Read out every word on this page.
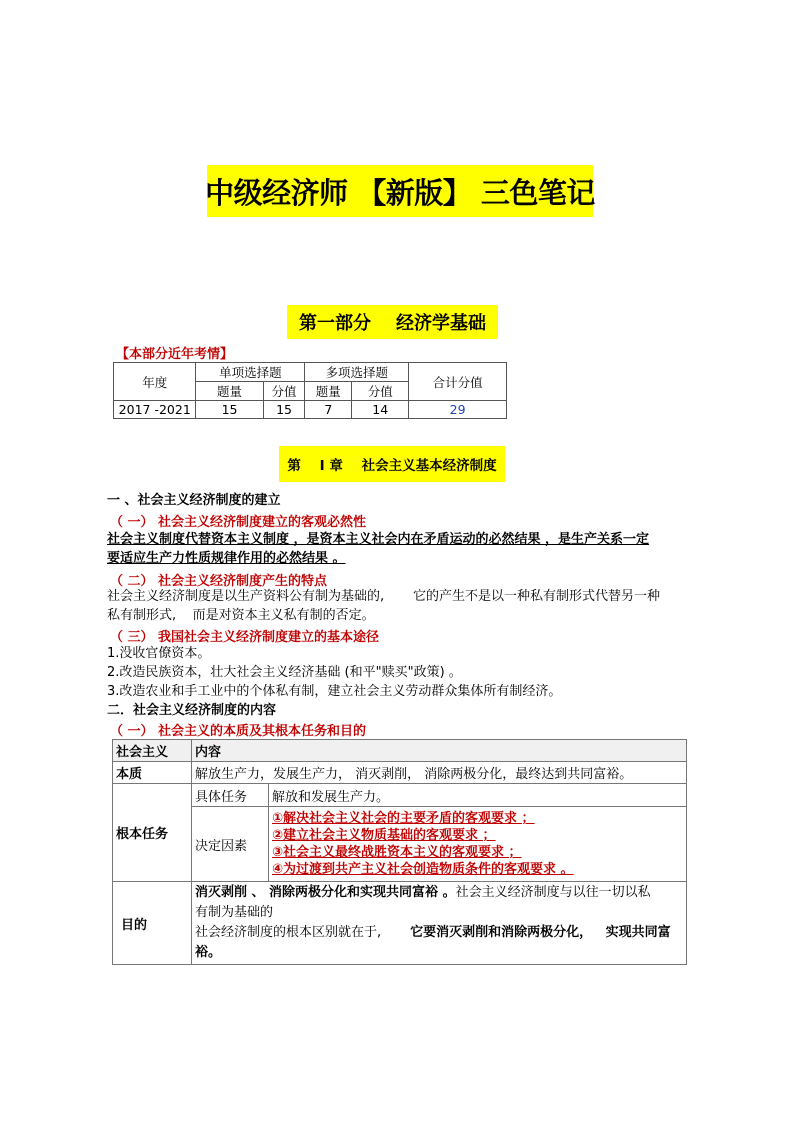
中级经济师 【新版】 三色笔记
第一部分    经济学基础
【本部分近年考情】
年度	单项选择题		多项选择题		合计分值
	题量	分值	题量	分值	
2017 -2021	15	15	7	14	29
第    Ⅰ 章    社会主义基本经济制度
一 、社会主义经济制度的建立
（ 一） 社会主义经济制度建立的客观必然性
社会主义制度代替资本主义制度 ，是资本主义社会内在矛盾运动的必然结果 ，是生产关系一定
要适应生产力性质规律作用的必然结果 。
（ 二） 社会主义经济制度产生的特点
社会主义经济制度是以生产资料公有制为基础的,       它的产生不是以一种私有制形式代替另一种
私有制形式,    而是对资本主义私有制的否定。
（ 三） 我国社会主义经济制度建立的基本途径
1.没收官僚资本。
2.改造民族资本，壮大社会主义经济基础 (和平"赎买"政策) 。
3.改造农业和手工业中的个体私有制，建立社会主义劳动群众集体所有制经济。
二．社会主义经济制度的内容
（ 一） 社会主义的本质及其根本任务和目的
社会主义	内容	
本质	解放生产力，发展生产力， 消灭剥削， 消除两极分化，最终达到共同富裕。	
根本任务	具体任务	解放和发展生产力。
	决定因素	①解决社会主义社会的主要矛盾的客观要求 ；
②建立社会主义物质基础的客观要求 ；
③社会主义最终战胜资本主义的客观要求 ；
④为过渡到共产主义社会创造物质条件的客观要求 。

目的	消灭剥削 、 消除两极分化和实现共同富裕 。社会主义经济制度与以往一切以私
有制为基础的
社会经济制度的根本区别就在于,       它要消灭剥削和消除两极分化，   实现共同富
裕。	
